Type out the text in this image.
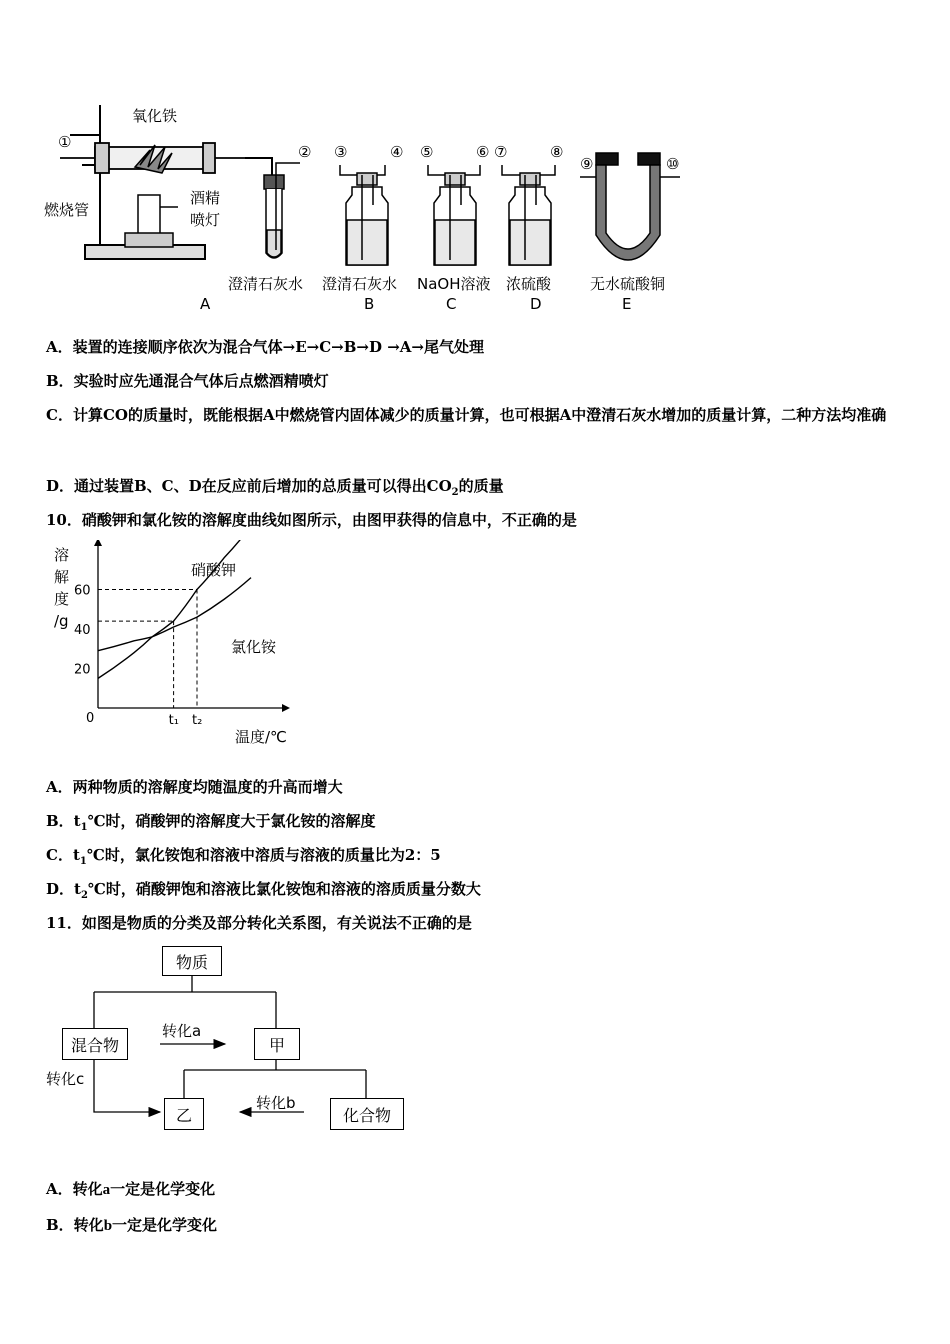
①
氧化铁
燃烧管
酒精
喷灯
② ③	④ ⑤	⑥ ⑦	⑧
⑨	⑩
澄清石灰水 澄清石灰水 NaOH溶液 浓硫酸	无水硫酸铜
A	B	C	D	E
A．装置的连接顺序依次为混合气体→E→C→B→D →A→尾气处理
B．实验时应先通混合气体后点燃酒精喷灯
C．计算CO的质量时，既能根据A中燃烧管内固体减少的质量计算，也可根据A中澄清石灰水增加的质量计算，二种方法均准确
D．通过装置B、C、D在反应前后增加的总质量可以得出$CO_2$的质量
10．硝酸钾和氯化铵的溶解度曲线如图所示，由图甲获得的信息中，不正确的是
溶
解
度
/g
温度/℃
0
20
40
60
t₁ t₂
硝酸钾
氯化铵
A．两种物质的溶解度均随温度的升高而增大
B．$t_1℃$时，硝酸钾的溶解度大于氯化铵的溶解度
C．$t_1℃$时，氯化铵饱和溶液中溶质与溶液的质量比为2：5
D．$t_2℃$时，硝酸钾饱和溶液比氯化铵饱和溶液的溶质质量分数大
11．如图是物质的分类及部分转化关系图，有关说法不正确的是
物质
混合物	甲
乙	化合物
转化a
转化b
转化c
A．转化a一定是化学变化
B．转化b一定是化学变化
